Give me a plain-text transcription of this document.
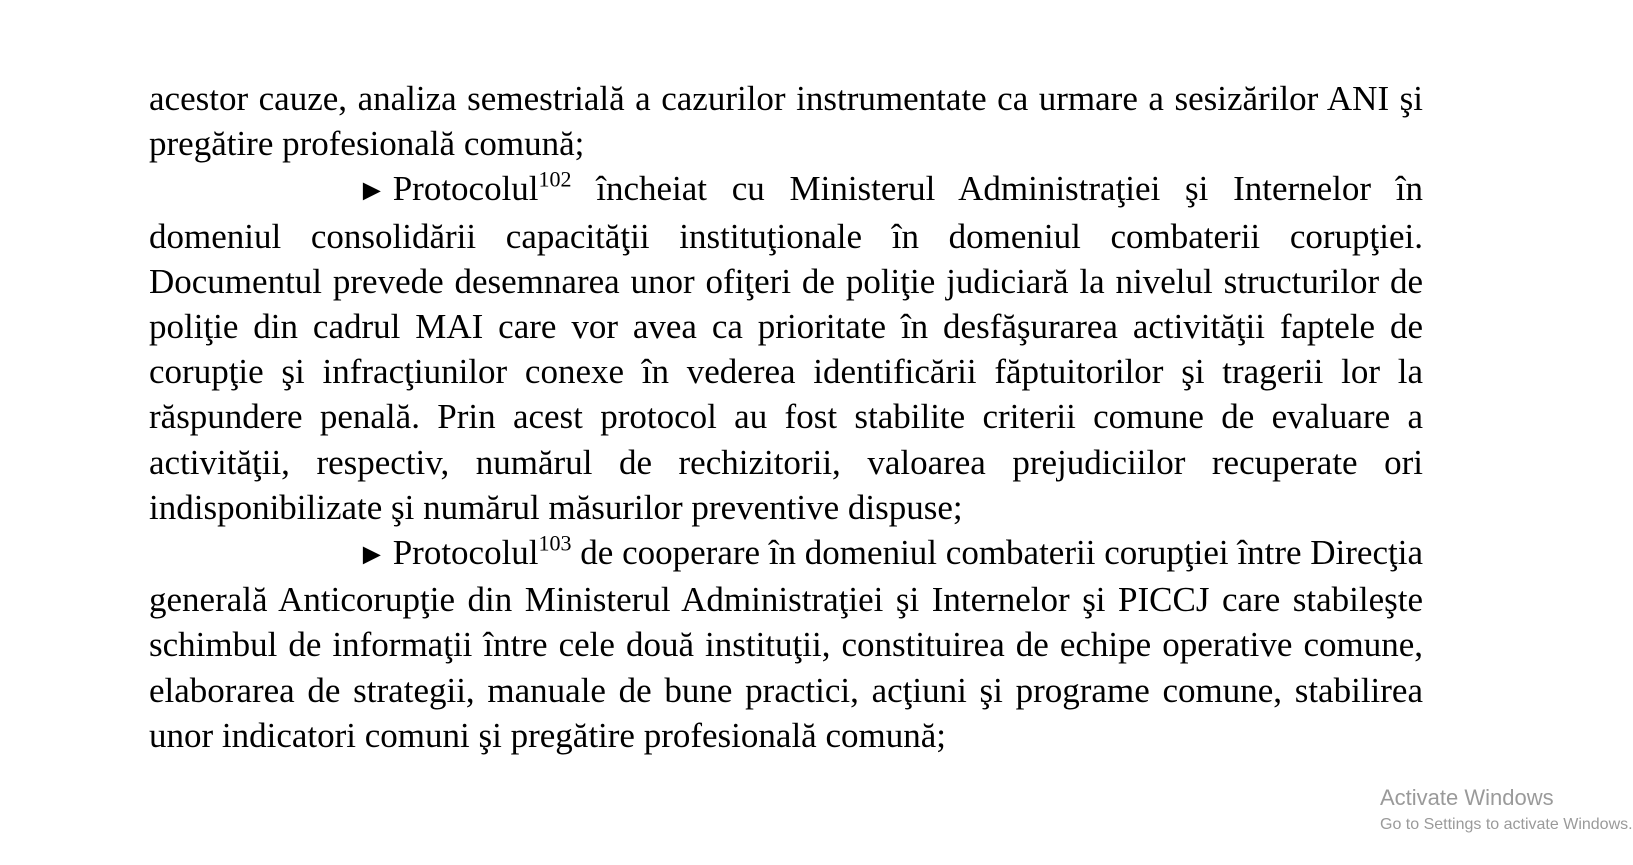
acestor cauze, analiza semestrială a cazurilor instrumentate ca urmare a sesizărilor ANI şi pregătire profesională comună;

► Protocolul$^{102}$ încheiat cu Ministerul Administraţiei şi Internelor în domeniul consolidării capacităţii instituţionale în domeniul combaterii corupţiei. Documentul prevede desemnarea unor ofiţeri de poliţie judiciară la nivelul structurilor de poliţie din cadrul MAI care vor avea ca prioritate în desfăşurarea activităţii faptele de corupţie şi infracţiunilor conexe în vederea identificării făptuitorilor şi tragerii lor la răspundere penală. Prin acest protocol au fost stabilite criterii comune de evaluare a activităţii, respectiv, numărul de rechizitorii, valoarea prejudiciilor recuperate ori indisponibilizate şi numărul măsurilor preventive dispuse;

► Protocolul$^{103}$ de cooperare în domeniul combaterii corupţiei între Direcţia generală Anticorupţie din Ministerul Administraţiei şi Internelor şi PICCJ care stabileşte schimbul de informaţii între cele două instituţii, constituirea de echipe operative comune, elaborarea de strategii, manuale de bune practici, acţiuni şi programe comune, stabilirea unor indicatori comuni şi pregătire profesională comună;

Activate Windows
Go to Settings to activate Windows.
